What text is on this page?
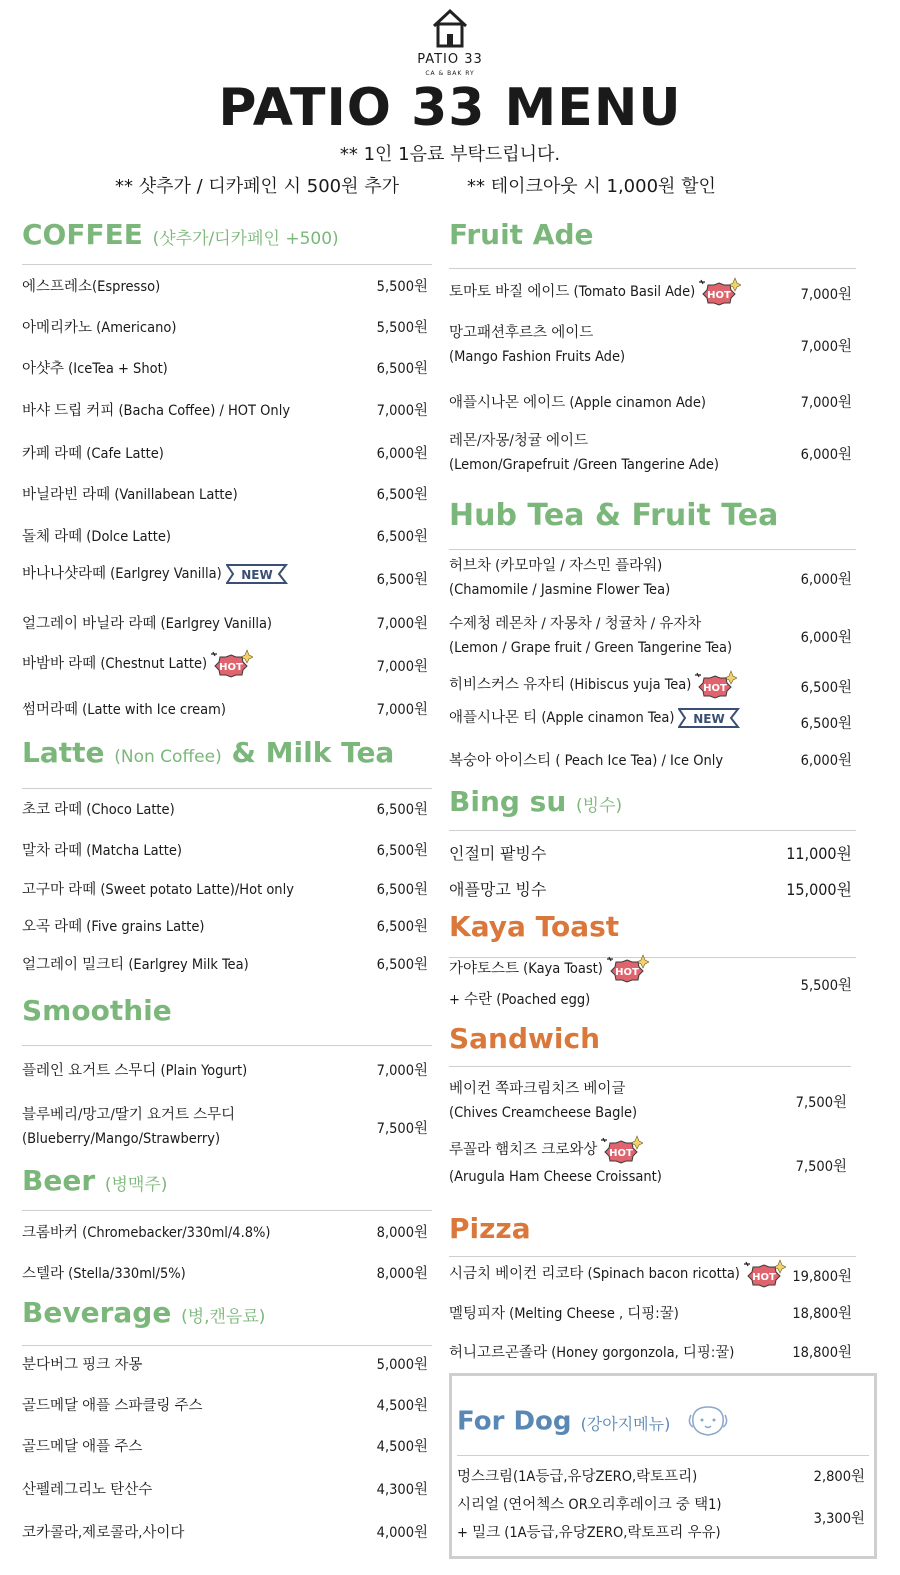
PATIO 33
CA & BAK RY
PATIO 33 MENU
** 1인 1음료 부탁드립니다.
** 샷추가 / 디카페인 시 500원 추가	** 테이크아웃 시 1,000원 할인
COFFEE (샷추가/디카페인 +500)
에스프레소(Espresso)	5,500원
아메리카노 (Americano)	5,500원
아샷추 (IceTea + Shot)	6,500원
바샤 드립 커피 (Bacha Coffee) / HOT Only	7,000원
카페 라떼 (Cafe Latte)	6,000원
바닐라빈 라떼 (Vanillabean Latte)	6,500원
돌체 라떼 (Dolce Latte)	6,500원
바나나샷라떼 (Earlgrey Vanilla) NEW	6,500원
얼그레이 바닐라 라떼 (Earlgrey Vanilla)	7,000원
바밤바 라떼 (Chestnut Latte) HOT	7,000원
썸머라떼 (Latte with Ice cream)	7,000원
Latte (Non Coffee) & Milk Tea
초코 라떼 (Choco Latte)	6,500원
말차 라떼 (Matcha Latte)	6,500원
고구마 라떼 (Sweet potato Latte)/Hot only	6,500원
오곡 라떼 (Five grains Latte)	6,500원
얼그레이 밀크티 (Earlgrey Milk Tea)	6,500원
Smoothie
플레인 요거트 스무디 (Plain Yogurt)	7,000원
블루베리/망고/딸기 요거트 스무디
(Blueberry/Mango/Strawberry)
7,500원
Beer (병맥주)
크롬바커 (Chromebacker/330ml/4.8%)	8,000원
스텔라 (Stella/330ml/5%)	8,000원
Beverage (병,캔음료)
분다버그 핑크 자몽	5,000원
골드메달 애플 스파클링 주스	4,500원
골드메달 애플 주스	4,500원
산펠레그리노 탄산수	4,300원
코카콜라,제로콜라,사이다	4,000원
Fruit Ade
토마토 바질 에이드 (Tomato Basil Ade) HOT	7,000원
망고패션후르츠 에이드
(Mango Fashion Fruits Ade)
7,000원
애플시나몬 에이드 (Apple cinamon Ade)	7,000원
레몬/자몽/청귤 에이드
(Lemon/Grapefruit /Green Tangerine Ade)
6,000원
Hub Tea & Fruit Tea
허브차 (카모마일 / 자스민 플라워)
(Chamomile / Jasmine Flower Tea)
6,000원
수제청 레몬차 / 자몽차 / 청귤차 / 유자차
(Lemon / Grape fruit / Green Tangerine Tea)
6,000원
히비스커스 유자티 (Hibiscus yuja Tea) HOT	6,500원
애플시나몬 티 (Apple cinamon Tea) NEW	6,500원
복숭아 아이스티 ( Peach Ice Tea) / Ice Only	6,000원
Bing su (빙수)
인절미 팥빙수	11,000원
애플망고 빙수	15,000원
Kaya Toast
가야토스트 (Kaya Toast) HOT
+ 수란 (Poached egg)
5,500원
Sandwich
베이컨 쪽파크림치즈 베이글
(Chives Creamcheese Bagle)
7,500원
루꼴라 햄치즈 크로와상 HOT
(Arugula Ham Cheese Croissant)
7,500원
Pizza
시금치 베이컨 리코타 (Spinach bacon ricotta) HOT 19,800원
멜팅피자 (Melting Cheese , 디핑:꿀)	18,800원
허니고르곤졸라 (Honey gorgonzola, 디핑:꿀)	18,800원
For Dog (강아지메뉴)
멍스크림(1A등급,유당ZERO,락토프리)	2,800원
시리얼 (연어첵스 OR오리후레이크 중 택1)
+ 밀크 (1A등급,유당ZERO,락토프리 우유)
3,300원
